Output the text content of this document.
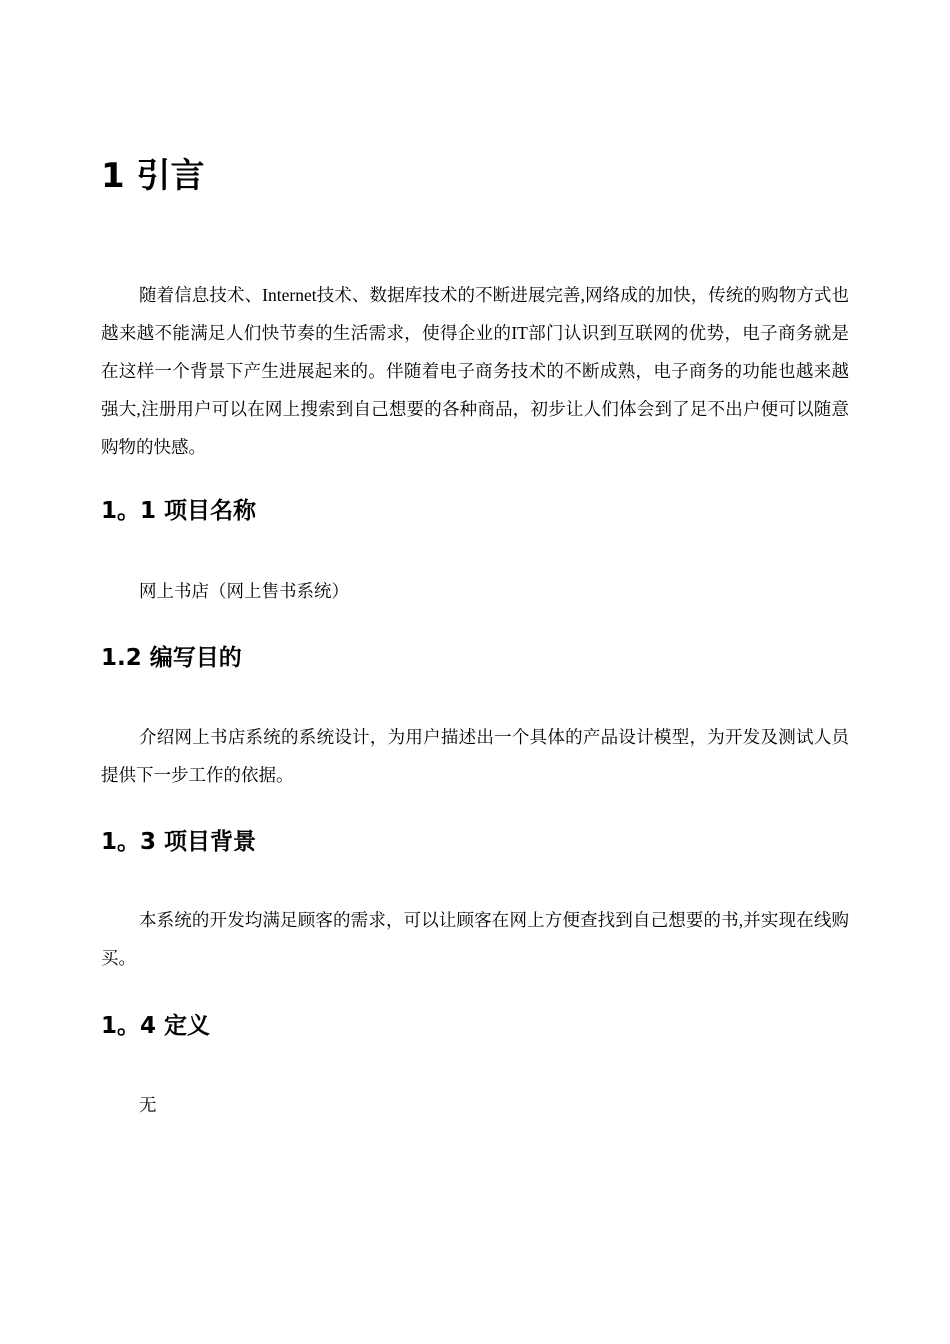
1 引言

随着信息技术、Internet技术、数据库技术的不断进展完善,网络成的加快，传统的购物方式也越来越不能满足人们快节奏的生活需求，使得企业的IT部门认识到互联网的优势，电子商务就是在这样一个背景下产生进展起来的。伴随着电子商务技术的不断成熟，电子商务的功能也越来越强大,注册用户可以在网上搜索到自己想要的各种商品，初步让人们体会到了足不出户便可以随意购物的快感。

1。1 项目名称

网上书店（网上售书系统）

1.2 编写目的

介绍网上书店系统的系统设计，为用户描述出一个具体的产品设计模型，为开发及测试人员提供下一步工作的依据。

1。3 项目背景

本系统的开发均满足顾客的需求，可以让顾客在网上方便查找到自己想要的书,并实现在线购买。

1。4 定义

无
